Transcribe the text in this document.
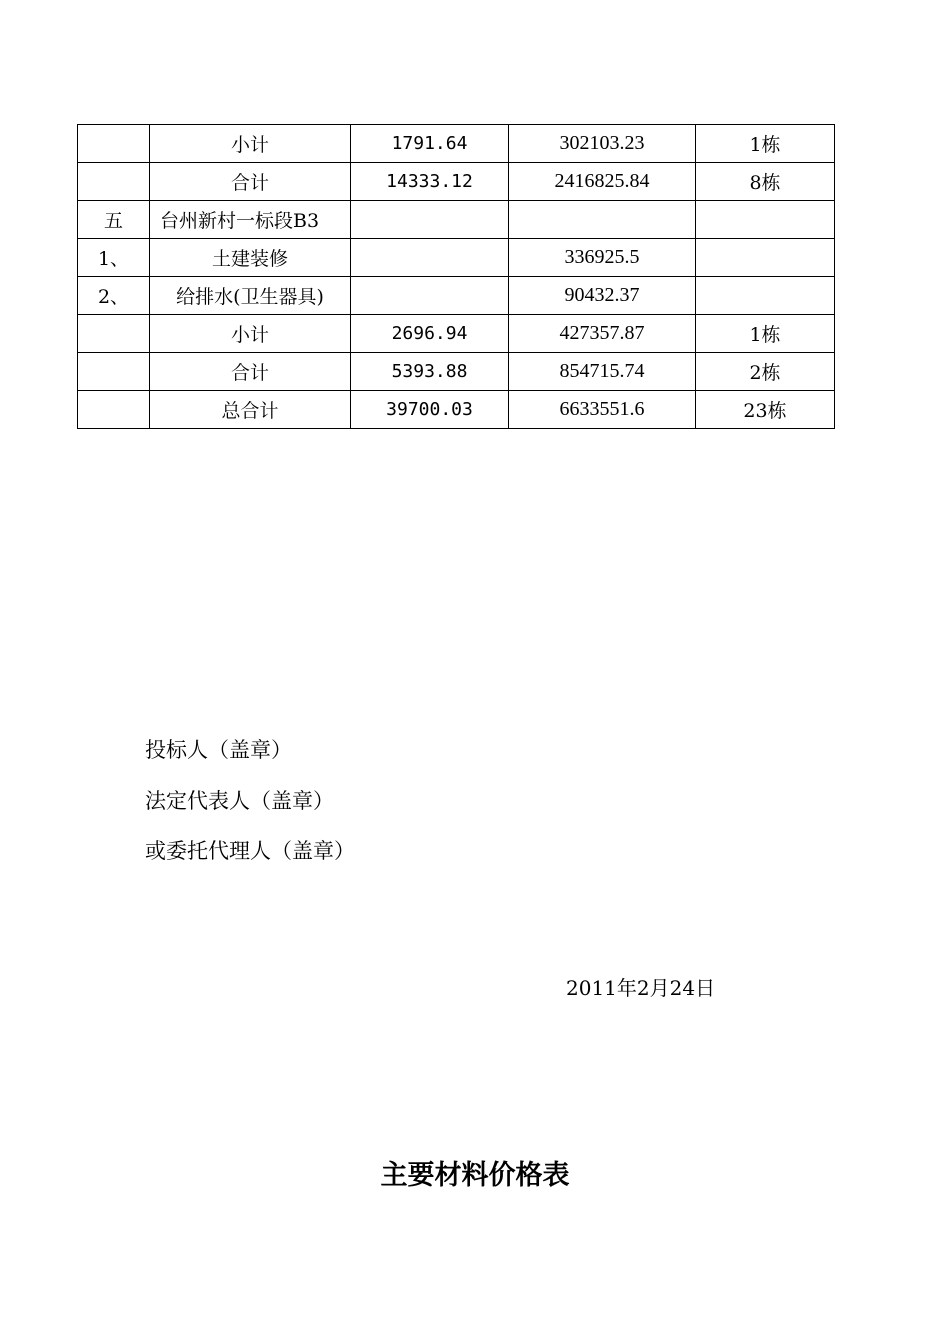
	小计	1791.64	302103.23	1栋
	合计	14333.12	2416825.84	8栋
五	台州新村一标段B3			
1、	土建装修		336925.5	
2、	给排水(卫生器具)		90432.37	
	小计	2696.94	427357.87	1栋
	合计	5393.88	854715.74	2栋
	总合计	39700.03	6633551.6	23栋
投标人（盖章）
法定代表人（盖章）
或委托代理人（盖章）
2011年2月24日
主要材料价格表
